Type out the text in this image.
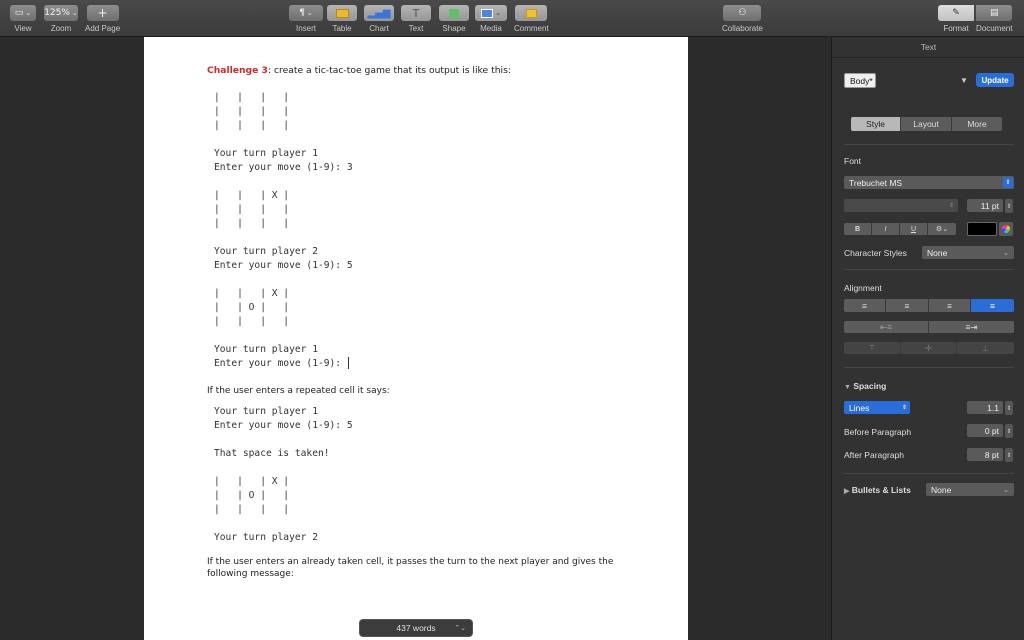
▭ ⌄
View
125% ⌄
Zoom
+
Add Page
¶ ⌄
Insert Table
▂▄▆
Chart
T
Text Shape
⌄
Media Comment
⚇
Collaborate
✎
Format
▤
Document
Challenge 3: create a tic-tac-toe game that its output is like this:
|   |   |   |
|   |   |   |
|   |   |   |
Your turn player 1
Enter your move (1-9): 3
|   |   | X |
|   |   |   |
|   |   |   |
Your turn player 2
Enter your move (1-9): 5
|   |   | X |
|   | O |   |
|   |   |   |
Your turn player 1
Enter your move (1-9):
If the user enters a repeated cell it says:
Your turn player 1
Enter your move (1-9): 5
That space is taken!
|   |   | X |
|   | O |   |
|   |   |   |
Your turn player 2
If the user enters an already taken cell, it passes the turn to the next player and gives the following message:
437 words	⌃⌄
Text
Body*	▼	Update
Style	Layout	More
Font
Trebuchet MS	⇕
⇕	11 pt	⇕
B	I	U	⚙⌄
Character Styles None	⌄
Alignment
≡	≡	≡	≡
⇤≡	≡⇥
⊤	✛	⊥
▼ Spacing
Lines	⇕	1.1	⇕
Before Paragraph	0 pt	⇕
After Paragraph	8 pt	⇕
▶ Bullets & Lists None	⌄
